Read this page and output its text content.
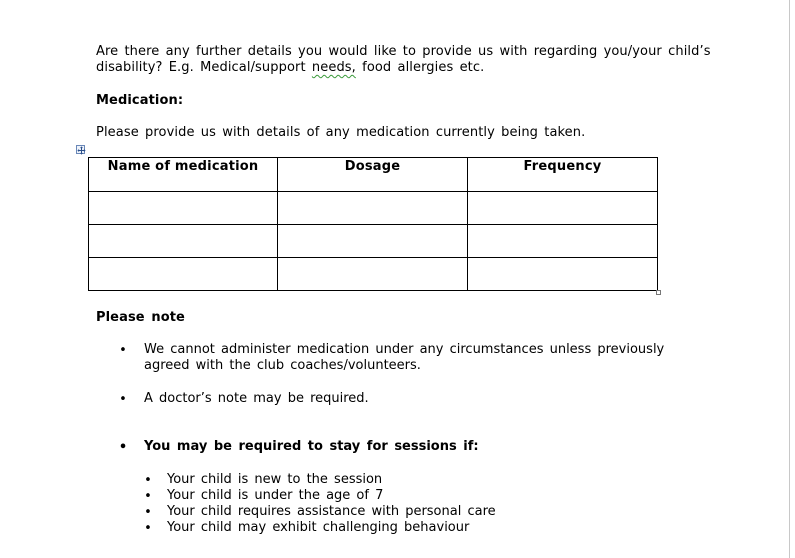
Are there any further details you would like to provide us with regarding you/your child’s
disability? E.g. Medical/support needs, food allergies etc.
Medication:
Please provide us with details of any medication currently being taken.
Name of medication	Dosage	Frequency

Please note
• We cannot administer medication under any circumstances unless previously
agreed with the club coaches/volunteers.
• A doctor’s note may be required.
• You may be required to stay for sessions if:
• Your child is new to the session
• Your child is under the age of 7
• Your child requires assistance with personal care
• Your child may exhibit challenging behaviour
